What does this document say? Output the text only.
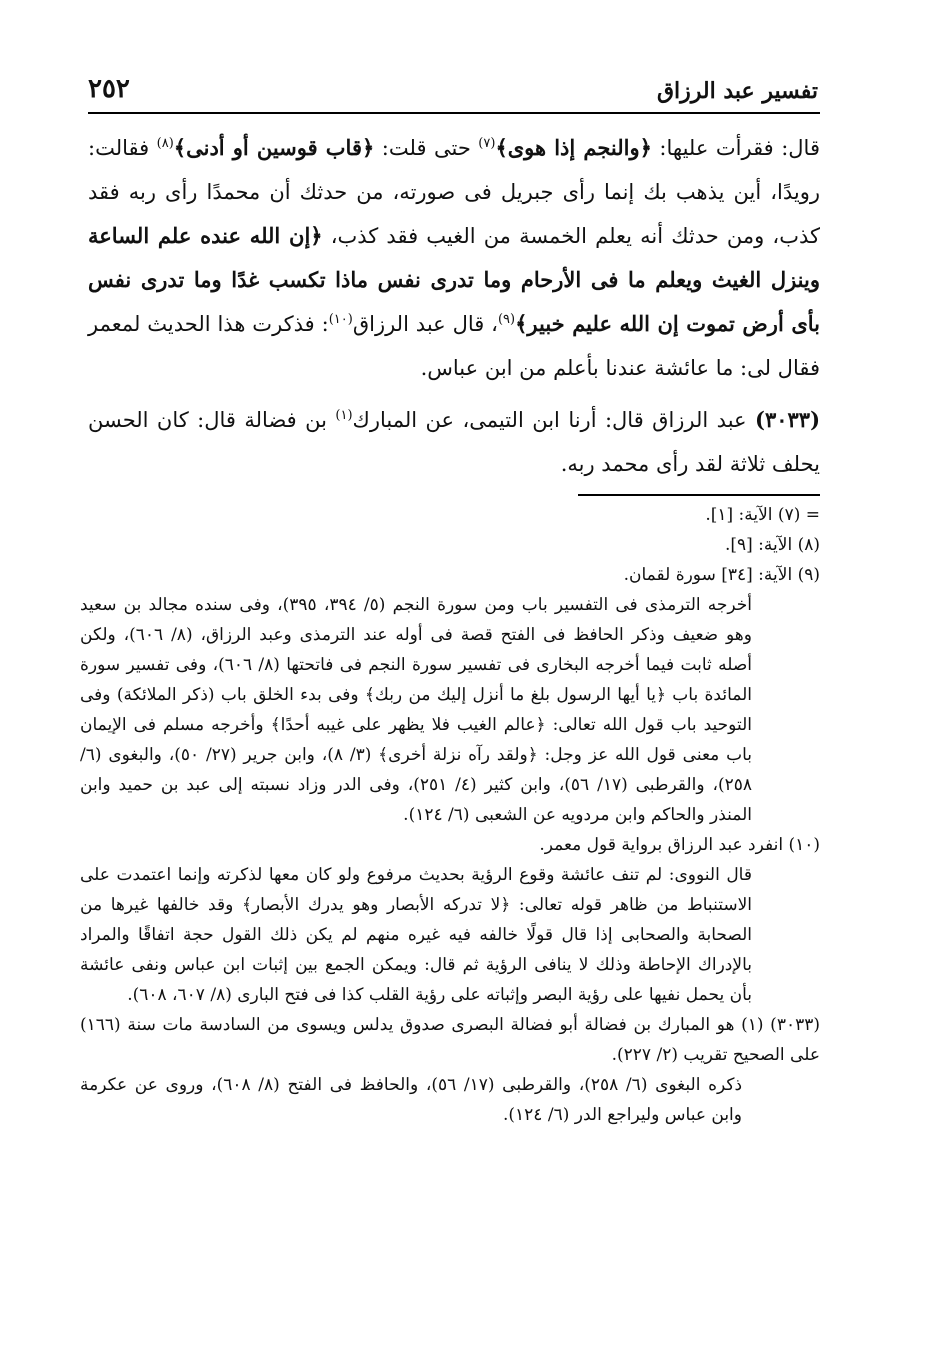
تفسير عبد الرزاق
٢٥٢

قال: فقرأت عليها: ﴿والنجم إذا هوى﴾$^{(٧)}$ حتى قلت: ﴿قاب قوسين أو أدنى﴾$^{(٨)}$ فقالت: رويدًا، أين يذهب بك إنما رأى جبريل فى صورته، من حدثك أن محمدًا رأى ربه فقد كذب، ومن حدثك أنه يعلم الخمسة من الغيب فقد كذب، ﴿إن الله عنده علم الساعة وينزل الغيث ويعلم ما فى الأرحام وما تدرى نفس ماذا تكسب غدًا وما تدرى نفس بأى أرض تموت إن الله عليم خبير﴾$^{(٩)}$، قال عبد الرزاق$^{(١٠)}$: فذكرت هذا الحديث لمعمر فقال لى: ما عائشة عندنا بأعلم من ابن عباس.

(٣٠٣٣) عبد الرزاق قال: أرنا ابن التيمى، عن المبارك$^{(١)}$ بن فضالة قال: كان الحسن يحلف ثلاثة لقد رأى محمد ربه.

= (٧) الآية: [١].

(٨) الآية: [٩].

(٩) الآية: [٣٤] سورة لقمان.

أخرجه الترمذى فى التفسير باب ومن سورة النجم (٥/ ٣٩٤، ٣٩٥)، وفى سنده مجالد بن سعيد وهو ضعيف وذكر الحافظ فى الفتح قصة فى أوله عند الترمذى وعبد الرزاق، (٨/ ٦٠٦)، ولكن أصله ثابت فيما أخرجه البخارى فى تفسير سورة النجم فى فاتحتها (٨/ ٦٠٦)، وفى تفسير سورة المائدة باب ﴿يا أيها الرسول بلغ ما أنزل إليك من ربك﴾ وفى بدء الخلق باب (ذكر الملائكة) وفى التوحيد باب قول الله تعالى: ﴿عالم الغيب فلا يظهر على غيبه أحدًا﴾ وأخرجه مسلم فى الإيمان باب معنى قول الله عز وجل: ﴿ولقد رآه نزلة أخرى﴾ (٣/ ٨)، وابن جرير (٢٧/ ٥٠)، والبغوى (٦/ ٢٥٨)، والقرطبى (١٧/ ٥٦)، وابن كثير (٤/ ٢٥١)، وفى الدر وزاد نسبته إلى عبد بن حميد وابن المنذر والحاكم وابن مردويه عن الشعبى (٦/ ١٢٤).

(١٠) انفرد عبد الرزاق برواية قول معمر.

قال النووى: لم تنف عائشة وقوع الرؤية بحديث مرفوع ولو كان معها لذكرته وإنما اعتمدت على الاستنباط من ظاهر قوله تعالى: ﴿لا تدركه الأبصار وهو يدرك الأبصار﴾ وقد خالفها غيرها من الصحابة والصحابى إذا قال قولًا خالفه فيه غيره منهم لم يكن ذلك القول حجة اتفاقًا والمراد بالإدراك الإحاطة وذلك لا ينافى الرؤية ثم قال: ويمكن الجمع بين إثبات ابن عباس ونفى عائشة بأن يحمل نفيها على رؤية البصر وإثباته على رؤية القلب كذا فى فتح البارى (٨/ ٦٠٧، ٦٠٨).

(٣٠٣٣) (١) هو المبارك بن فضالة أبو فضالة البصرى صدوق يدلس ويسوى من السادسة مات سنة (١٦٦) على الصحيح تقريب (٢/ ٢٢٧).

ذكره البغوى (٦/ ٢٥٨)، والقرطبى (١٧/ ٥٦)، والحافظ فى الفتح (٨/ ٦٠٨)، وروى عن عكرمة وابن عباس وليراجع الدر (٦/ ١٢٤).
